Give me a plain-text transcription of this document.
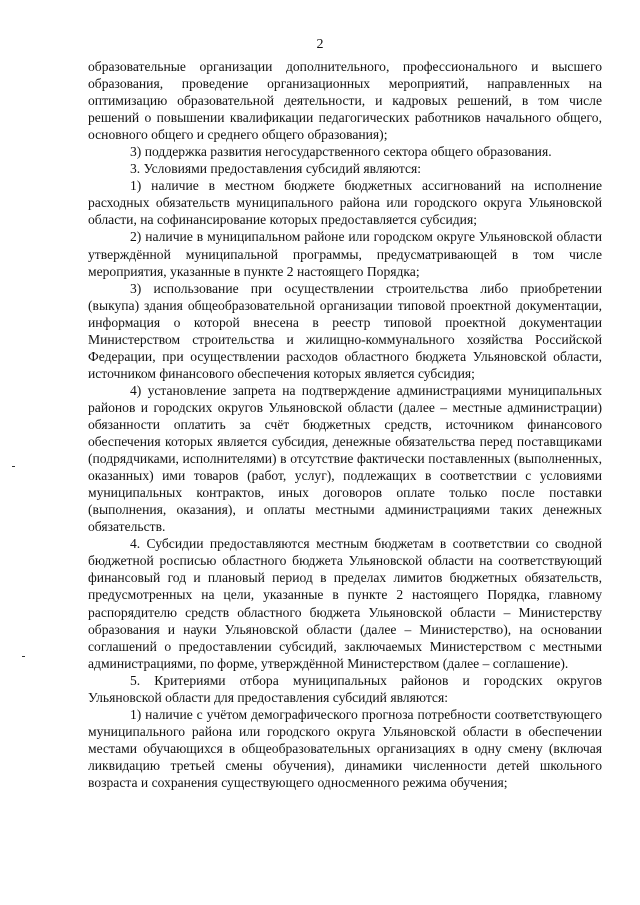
2

образовательные организации дополнительного, профессионального и высшего образования, проведение организационных мероприятий, направленных на оптимизацию образовательной деятельности, и кадровых решений, в том числе решений о повышении квалификации педагогических работников начального общего, основного общего и среднего общего образования);

3) поддержка развития негосударственного сектора общего образования.

3. Условиями предоставления субсидий являются:

1) наличие в местном бюджете бюджетных ассигнований на исполнение расходных обязательств муниципального района или городского округа Ульяновской области, на софинансирование которых предоставляется субсидия;

2) наличие в муниципальном районе или городском округе Ульяновской области утверждённой муниципальной программы, предусматривающей в том числе мероприятия, указанные в пункте 2 настоящего Порядка;

3) использование при осуществлении строительства либо приобретении (выкупа) здания общеобразовательной организации типовой проектной документации, информация о которой внесена в реестр типовой проектной документации Министерством строительства и жилищно-коммунального хозяйства Российской Федерации, при осуществлении расходов областного бюджета Ульяновской области, источником финансового обеспечения которых является субсидия;

4) установление запрета на подтверждение администрациями муниципальных районов и городских округов Ульяновской области (далее – местные администрации) обязанности оплатить за счёт бюджетных средств, источником финансового обеспечения которых является субсидия, денежные обязательства перед поставщиками (подрядчиками, исполнителями) в отсутствие фактически поставленных (выполненных, оказанных) ими товаров (работ, услуг), подлежащих в соответствии с условиями муниципальных контрактов, иных договоров оплате только после поставки (выполнения, оказания), и оплаты местными администрациями таких денежных обязательств.

4. Субсидии предоставляются местным бюджетам в соответствии со сводной бюджетной росписью областного бюджета Ульяновской области на соответствующий финансовый год и плановый период в пределах лимитов бюджетных обязательств, предусмотренных на цели, указанные в пункте 2 настоящего Порядка, главному распорядителю средств областного бюджета Ульяновской области – Министерству образования и науки Ульяновской области (далее – Министерство), на основании соглашений о предоставлении субсидий, заключаемых Министерством с местными администрациями, по форме, утверждённой Министерством (далее – соглашение).

5. Критериями отбора муниципальных районов и городских округов Ульяновской области для предоставления субсидий являются:

1) наличие с учётом демографического прогноза потребности соответствующего муниципального района или городского округа Ульяновской области в обеспечении местами обучающихся в общеобразовательных организациях в одну смену (включая ликвидацию третьей смены обучения), динамики численности детей школьного возраста и сохранения существующего односменного режима обучения;
